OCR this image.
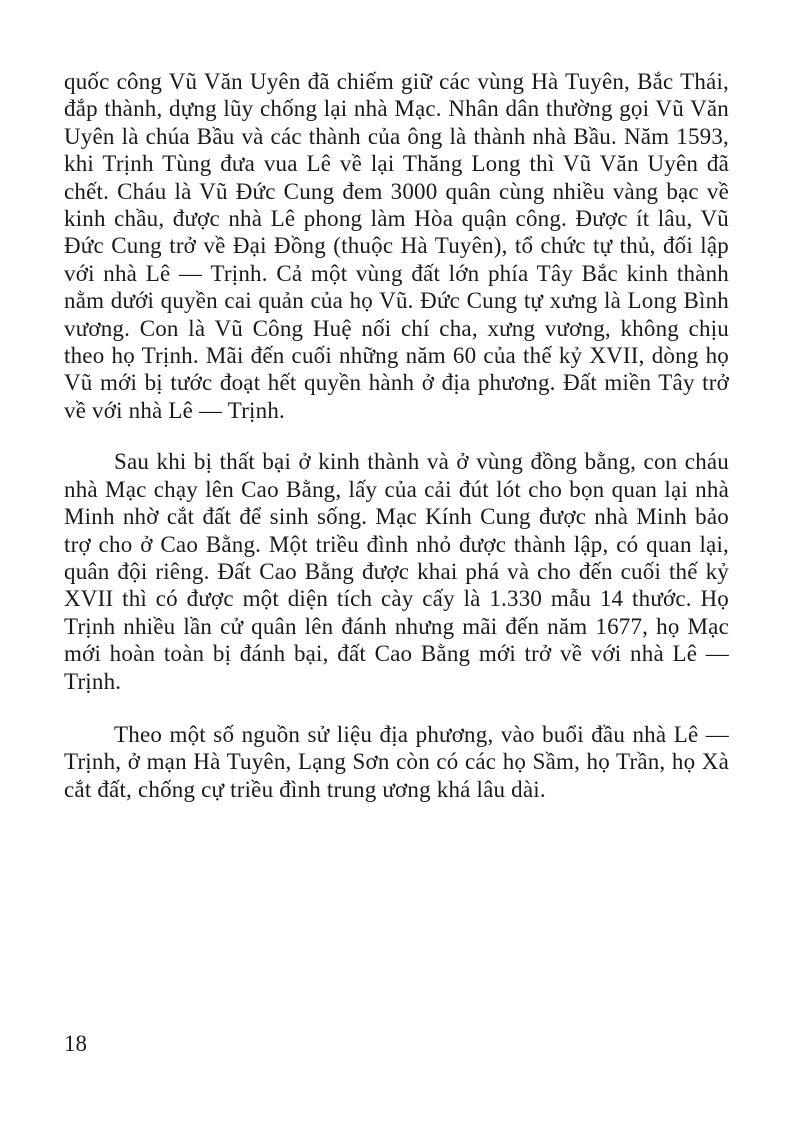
quốc công Vũ Văn Uyên đã chiếm giữ các vùng Hà Tuyên, Bắc Thái, đắp thành, dựng lũy chống lại nhà Mạc. Nhân dân thường gọi Vũ Văn Uyên là chúa Bầu và các thành của ông là thành nhà Bầu. Năm 1593, khi Trịnh Tùng đưa vua Lê về lại Thăng Long thì Vũ Văn Uyên đã chết. Cháu là Vũ Đức Cung đem 3000 quân cùng nhiều vàng bạc về kinh chầu, được nhà Lê phong làm Hòa quận công. Được ít lâu, Vũ Đức Cung trở về Đại Đồng (thuộc Hà Tuyên), tổ chức tự thủ, đối lập với nhà Lê — Trịnh. Cả một vùng đất lớn phía Tây Bắc kinh thành nằm dưới quyền cai quản của họ Vũ. Đức Cung tự xưng là Long Bình vương. Con là Vũ Công Huệ nối chí cha, xưng vương, không chịu theo họ Trịnh. Mãi đến cuối những năm 60 của thế kỷ XVII, dòng họ Vũ mới bị tước đoạt hết quyền hành ở địa phương. Đất miền Tây trở về với nhà Lê — Trịnh.

Sau khi bị thất bại ở kinh thành và ở vùng đồng bằng, con cháu nhà Mạc chạy lên Cao Bằng, lấy của cải đút lót cho bọn quan lại nhà Minh nhờ cắt đất để sinh sống. Mạc Kính Cung được nhà Minh bảo trợ cho ở Cao Bằng. Một triều đình nhỏ được thành lập, có quan lại, quân đội riêng. Đất Cao Bằng được khai phá và cho đến cuối thế kỷ XVII thì có được một diện tích cày cấy là 1.330 mẫu 14 thước. Họ Trịnh nhiều lần cử quân lên đánh nhưng mãi đến năm 1677, họ Mạc mới hoàn toàn bị đánh bại, đất Cao Bằng mới trở về với nhà Lê — Trịnh.

Theo một số nguồn sử liệu địa phương, vào buổi đầu nhà Lê — Trịnh, ở mạn Hà Tuyên, Lạng Sơn còn có các họ Sầm, họ Trần, họ Xà cắt đất, chống cự triều đình trung ương khá lâu dài.

18
